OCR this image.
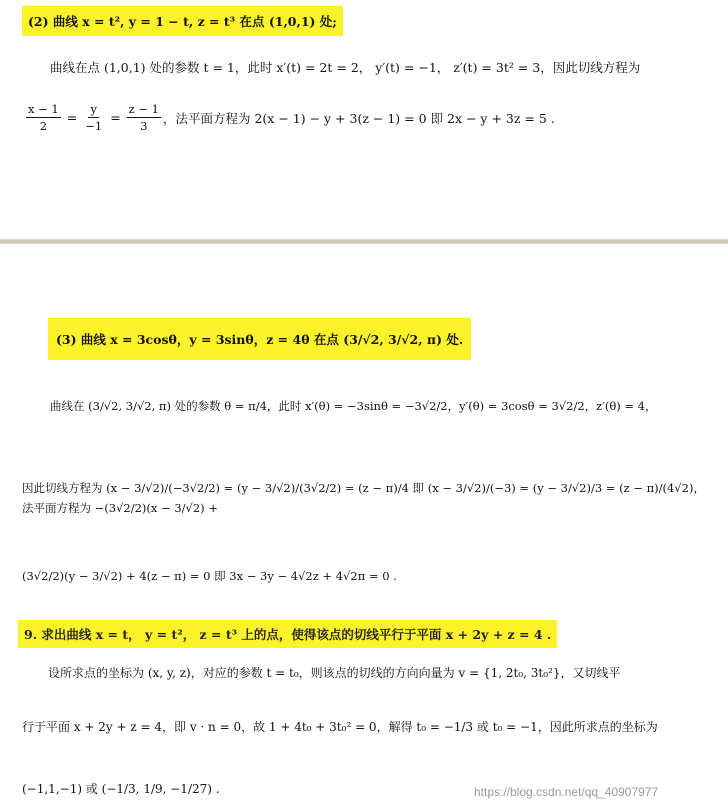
(2) 曲线 x = t², y = 1 − t, z = t³ 在点 (1,0,1) 处;
曲线在点 (1,0,1) 处的参数 t = 1，此时 x′(t) = 2t = 2， y′(t) = −1， z′(t) = 3t² = 3，因此切线方程为
$\frac{x - 1}{2} = \frac{y}{-1} = \frac{z - 1}{3}$ ，法平面方程为 2(x − 1) − y + 3(z − 1) = 0 即 2x − y + 3z = 5 .
(3) 曲线 x = 3cosθ，y = 3sinθ，z = 4θ 在点 (3/√2, 3/√2, π) 处.
曲线在 (3/√2, 3/√2, π) 处的参数 θ = π/4，此时 x′(θ) = −3sinθ = −3√2/2，y′(θ) = 3cosθ = 3√2/2，z′(θ) = 4，
因此切线方程为 (x − 3/√2)/(−3√2/2) = (y − 3/√2)/(3√2/2) = (z − π)/4 即 (x − 3/√2)/(−3) = (y − 3/√2)/3 = (z − π)/(4√2)，法平面方程为 −(3√2/2)(x − 3/√2) +
(3√2/2)(y − 3/√2) + 4(z − π) = 0 即 3x − 3y − 4√2z + 4√2π = 0 .
9. 求出曲线 x = t， y = t²， z = t³ 上的点，使得该点的切线平行于平面 x + 2y + z = 4 .
设所求点的坐标为 (x, y, z)，对应的参数 t = t₀，则该点的切线的方向向量为 v = {1, 2t₀, 3t₀²}，又切线平
行于平面 x + 2y + z = 4，即 v · n = 0，故 1 + 4t₀ + 3t₀² = 0，解得 t₀ = −1/3 或 t₀ = −1，因此所求点的坐标为
(−1,1,−1) 或 (−1/3, 1/9, −1/27) .	https://blog.csdn.net/qq_40907977
